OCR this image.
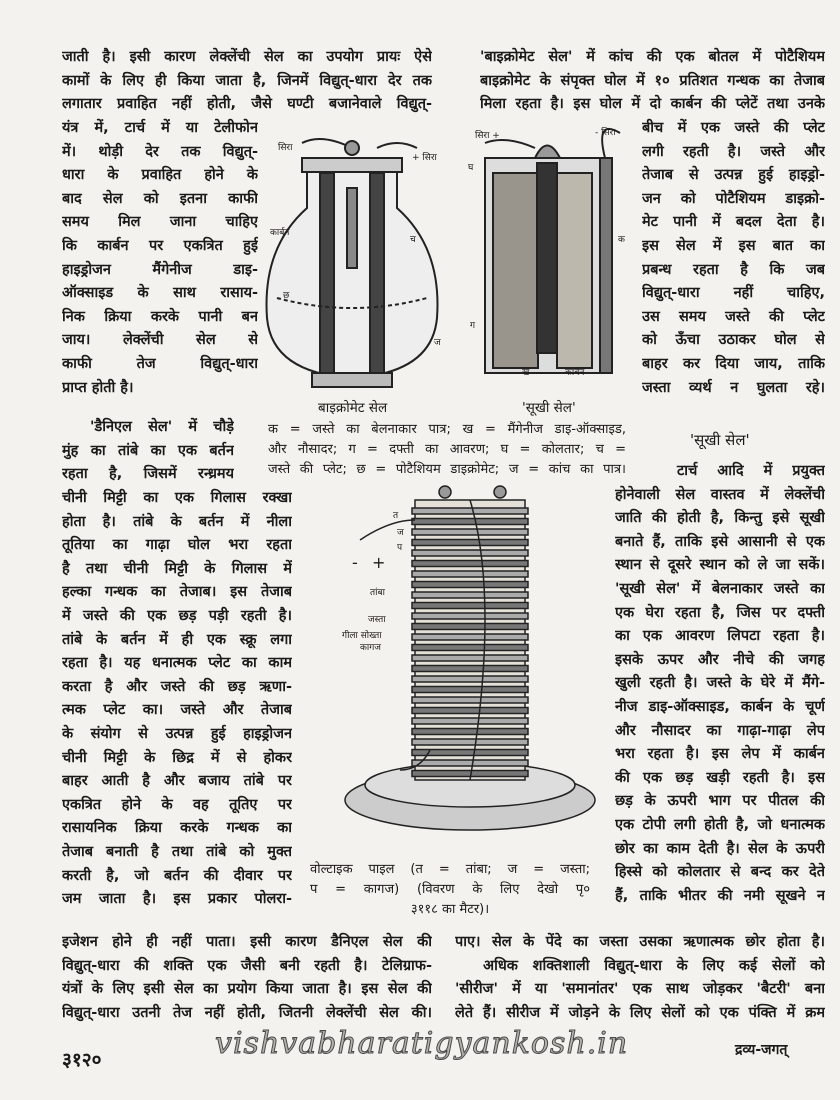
जाती है। इसी कारण लेक्लेंची सेल का उपयोग प्रायः ऐसे
कामों के लिए ही किया जाता है, जिनमें विद्युत्-धारा देर तक
लगातार प्रवाहित नहीं होती, जैसे घण्टी बजानेवाले विद्युत्-
यंत्र में, टार्च में या टेलीफोन
में। थोड़ी देर तक विद्युत्-
धारा के प्रवाहित होने के
बाद सेल को इतना काफी
समय मिल जाना चाहिए
कि कार्बन पर एकत्रित हुई
हाइड्रोजन मैंगेनीज डाइ-
ऑक्साइड के साथ रासाय-
निक क्रिया करके पानी बन
जाय। लेक्लेंची सेल से
काफी तेज विद्युत्-धारा
प्राप्त होती है।
'डैनिएल सेल' में चौड़े
मुंह का तांबे का एक बर्तन
रहता है, जिसमें रन्ध्रमय
चीनी मिट्टी का एक गिलास रक्खा
होता है। तांबे के बर्तन में नीला
तूतिया का गाढ़ा घोल भरा रहता
है तथा चीनी मिट्टी के गिलास में
हल्का गन्धक का तेजाब। इस तेजाब
में जस्ते की एक छड़ पड़ी रहती है।
तांबे के बर्तन में ही एक स्क्रू लगा
रहता है। यह धनात्मक प्लेट का काम
करता है और जस्ते की छड़ ऋणा-
त्मक प्लेट का। जस्ते और तेजाब
के संयोग से उत्पन्न हुई हाइड्रोजन
चीनी मिट्टी के छिद्र में से होकर
बाहर आती है और बजाय तांबे पर
एकत्रित होने के वह तूतिए पर
रासायनिक क्रिया करके गन्धक का
तेजाब बनाती है तथा तांबे को मुक्त
करती है, जो बर्तन की दीवार पर
जम जाता है। इस प्रकार पोलरा-
इजेशन होने ही नहीं पाता। इसी कारण डैनिएल सेल की
विद्युत्-धारा की शक्ति एक जैसी बनी रहती है। टेलिग्राफ-
यंत्रों के लिए इसी सेल का प्रयोग किया जाता है। इस सेल की
विद्युत्-धारा उतनी तेज नहीं होती, जितनी लेक्लेंची सेल की।
'बाइक्रोमेट सेल' में कांच की एक बोतल में पोटैशियम
बाइक्रोमेट के संपृक्त घोल में १० प्रतिशत गन्धक का तेजाब
मिला रहता है। इस घोल में दो कार्बन की प्लेटें तथा उनके
बीच में एक जस्ते की प्लेट
लगी रहती है। जस्ते और
तेजाब से उत्पन्न हुई हाइड्रो-
जन को पोटैशियम डाइक्रो-
मेट पानी में बदल देता है।
इस सेल में इस बात का
प्रबन्ध रहता है कि जब
विद्युत्-धारा नहीं चाहिए,
उस समय जस्ते की प्लेट
को ऊँचा उठाकर घोल से
बाहर कर दिया जाय, ताकि
जस्ता व्यर्थ न घुलता रहे।
'सूखी सेल'
टार्च आदि में प्रयुक्त
होनेवाली सेल वास्तव में लेक्लेंची
जाति की होती है, किन्तु इसे सूखी
बनाते हैं, ताकि इसे आसानी से एक
स्थान से दूसरे स्थान को ले जा सकें।
'सूखी सेल' में बेलनाकार जस्ते का
एक घेरा रहता है, जिस पर दफ्ती
का एक आवरण लिपटा रहता है।
इसके ऊपर और नीचे की जगह
खुली रहती है। जस्ते के घेरे में मैंगे-
नीज डाइ-ऑक्साइड, कार्बन के चूर्ण
और नौसादर का गाढ़ा-गाढ़ा लेप
भरा रहता है। इस लेप में कार्बन
की एक छड़ खड़ी रहती है। इस
छड़ के ऊपरी भाग पर पीतल की
एक टोपी लगी होती है, जो धनात्मक
छोर का काम देती है। सेल के ऊपरी
हिस्से को कोलतार से बन्द कर देते
हैं, ताकि भीतर की नमी सूखने न
पाए। सेल के पेंदे का जस्ता उसका ऋणात्मक छोर होता है।
अधिक शक्तिशाली विद्युत्-धारा के लिए कई सेलों को
'सीरीज' में या 'समानांतर' एक साथ जोड़कर 'बैटरी' बना
लेते हैं। सीरीज में जोड़ने के लिए सेलों को एक पंक्ति में क्रम
सिरा
+ सिरा
कार्बन
च
छ
ज
बाइक्रोमेट सेल
सिरा +	- सिरा
घ
क
ग
ख	कार्बन
'सूखी सेल'
क = जस्ते का बेलनाकार पात्र; ख = मैंगेनीज डाइ-ऑक्साइड,
और नौसादर; ग = दफ्ती का आवरण; घ = कोलतार; च =
जस्ते की प्लेट; छ = पोटैशियम डाइक्रोमेट; ज = कांच का पात्र।
त
ज
प
+
-
तांबा
जस्ता
गीला सोख्ता
कागज
वोल्टाइक पाइल (त = तांबा; ज = जस्ता;
प = कागज) (विवरण के लिए देखो पृ०
३११८ का मैटर)।
vishvabharatigyankosh.in
३१२०	द्रव्य-जगत्
